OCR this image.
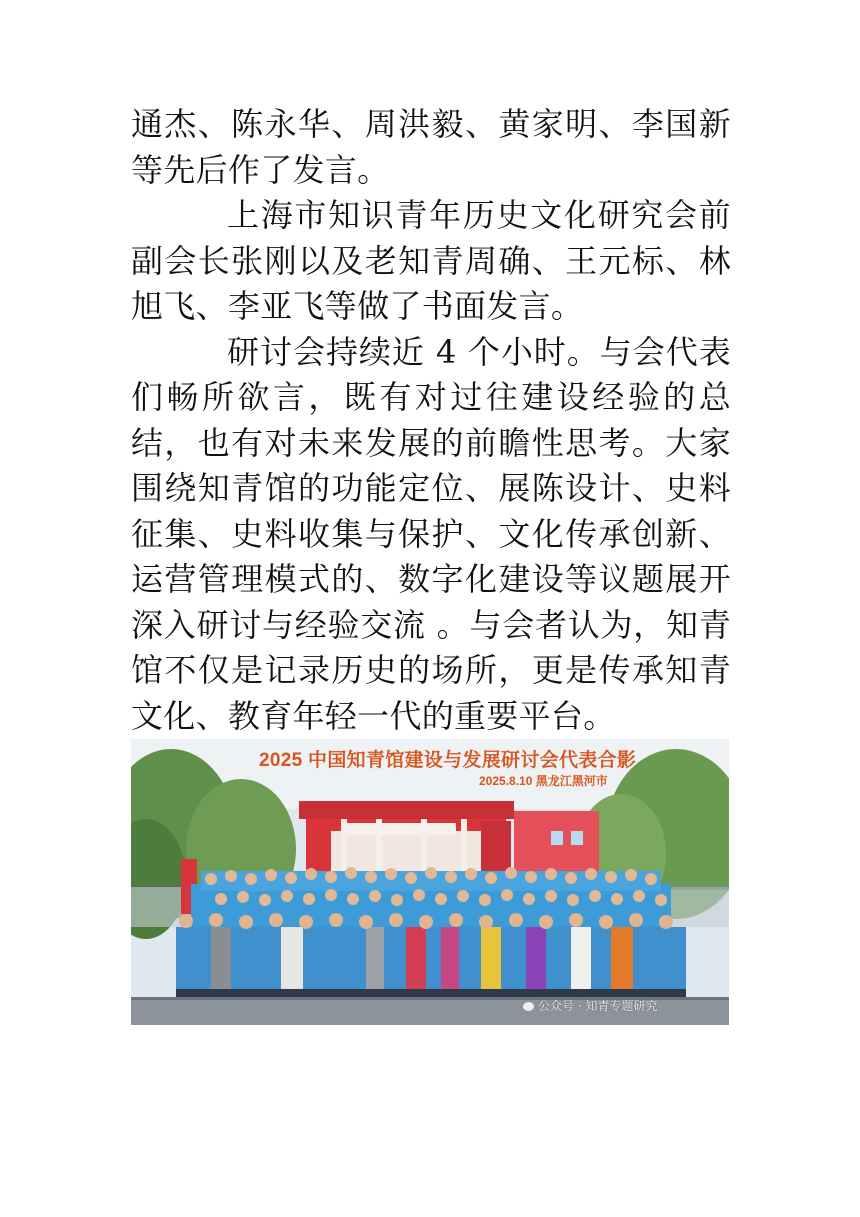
通杰、陈永华、周洪毅、黄家明、李国新等先后作了发言。

上海市知识青年历史文化研究会前副会长张刚以及老知青周确、王元标、林旭飞、李亚飞等做了书面发言。

研讨会持续近 4 个小时。与会代表们畅所欲言，既有对过往建设经验的总结，也有对未来发展的前瞻性思考。大家围绕知青馆的功能定位、展陈设计、史料征集、史料收集与保护、文化传承创新、运营管理模式的、数字化建设等议题展开深入研讨与经验交流 。与会者认为，知青馆不仅是记录历史的场所，更是传承知青文化、教育年轻一代的重要平台。

2025 中国知青馆建设与发展研讨会代表合影
2025.8.10 黑龙江黑河市
公众号 · 知青专题研究
